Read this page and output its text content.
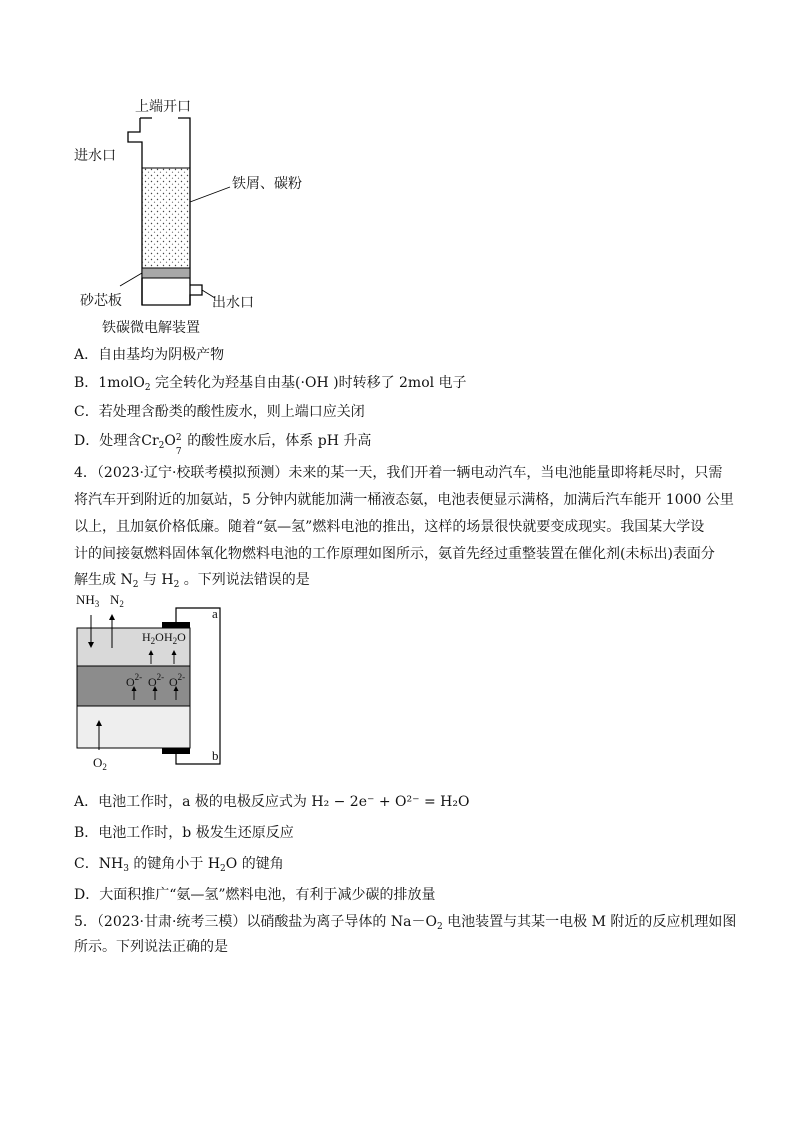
上端开口
进水口
铁屑、碳粉
砂芯板	出水口
铁碳微电解装置
A．自由基均为阴极产物
B．1molO$_2$ 完全转化为羟基自由基(·OH )时转移了 2mol 电子
C．若处理含酚类的酸性废水，则上端口应关闭
D．处理含$Cr_2O$ 2
7
的酸性废水后，体系 pH 升高
4．（2023·辽宁·校联考模拟预测）未来的某一天，我们开着一辆电动汽车，当电池能量即将耗尽时，只需
将汽车开到附近的加氨站，5 分钟内就能加满一桶液态氨，电池表便显示满格，加满后汽车能开 1000 公里
以上，且加氨价格低廉。随着“氨—氢”燃料电池的推出，这样的场景很快就要变成现实。我国某大学设
计的间接氨燃料固体氧化物燃料电池的工作原理如图所示，氨首先经过重整装置在催化剂(未标出)表面分
解生成 $N_2$ 与 $H_2$ 。下列说法错误的是
$NH_3$ $N_2$
$H_2O$ $H_2O$
$O^{2-}$ $O^{2-}$ $O^{2-}$
$O_2$
a
b
A．电池工作时，a 极的电极反应式为 H₂ − 2e⁻ + O²⁻ = H₂O
B．电池工作时，b 极发生还原反应
C．$NH_3$ 的键角小于 $H_2O$ 的键角
D．大面积推广“氨—氢”燃料电池，有利于减少碳的排放量
5．（2023·甘肃·统考三模）以硝酸盐为离子导体的 $Na-O_2$ 电池装置与其某一电极 M 附近的反应机理如图
所示。下列说法正确的是
